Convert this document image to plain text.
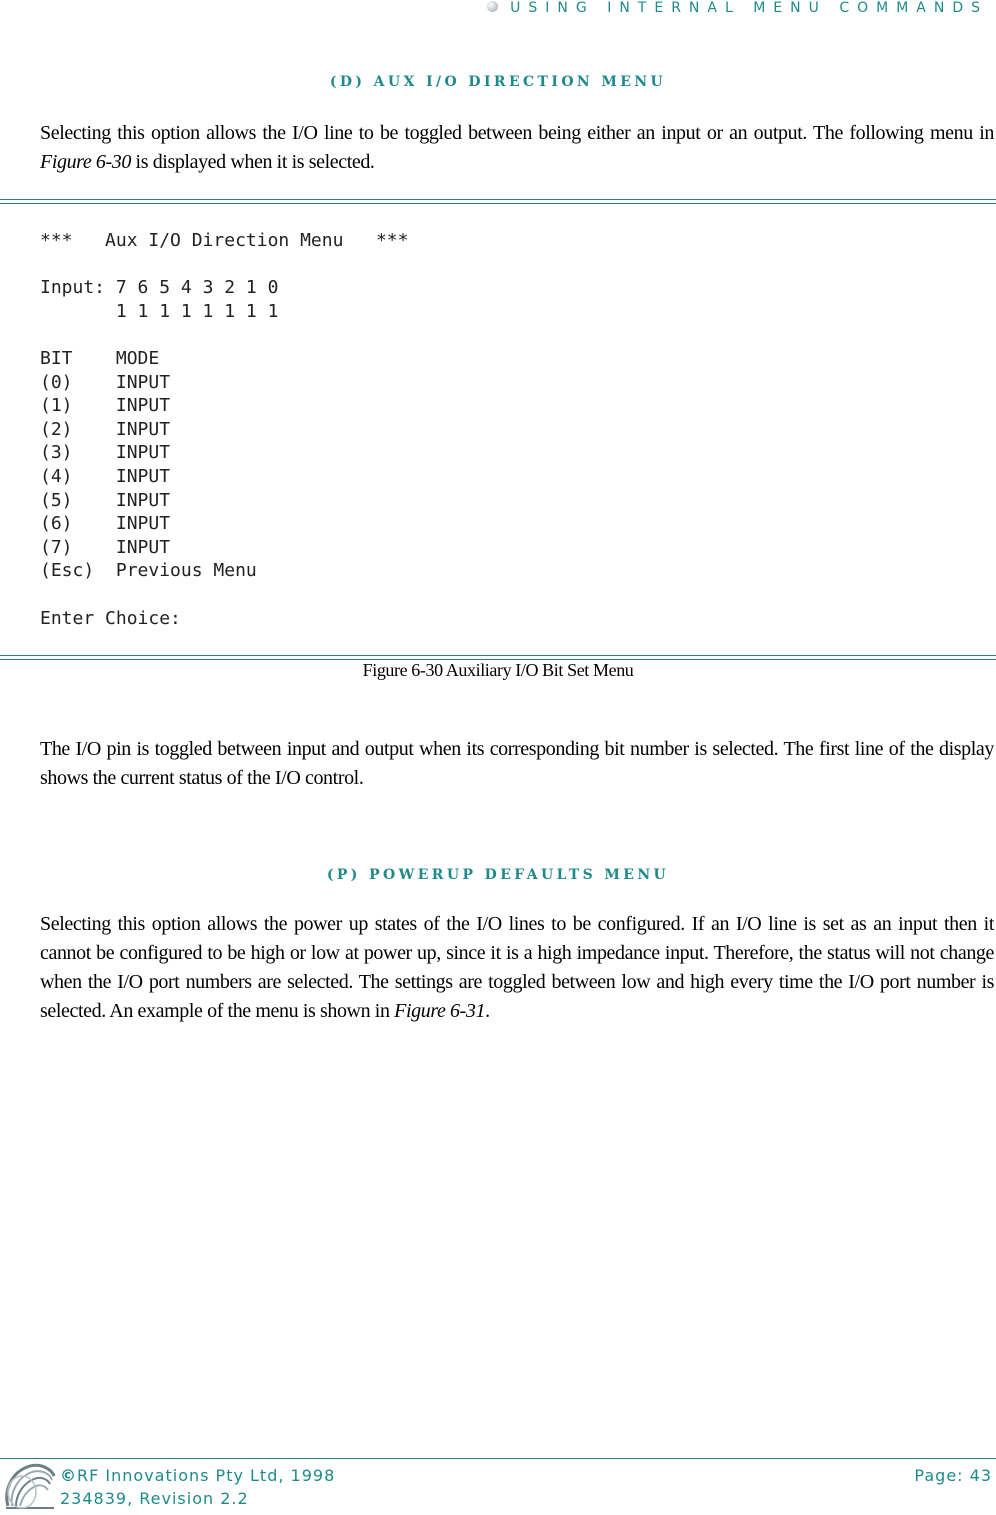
USING INTERNAL MENU COMMANDS
(D) AUX I/O DIRECTION MENU
Selecting this option allows the I/O line to be toggled between being either an input or an output. The following menu in Figure 6-30 is displayed when it is selected.
***   Aux I/O Direction Menu   ***

Input: 7 6 5 4 3 2 1 0
1 1 1 1 1 1 1 1

BIT MODE
(0) INPUT
(1) INPUT
(2) INPUT
(3) INPUT
(4) INPUT
(5) INPUT
(6) INPUT
(7) INPUT
(Esc) Previous Menu

Enter Choice:
Figure 6-30 Auxiliary I/O Bit Set Menu
The I/O pin is toggled between input and output when its corresponding bit number is selected. The first line of the display shows the current status of the I/O control.
(P) POWERUP DEFAULTS MENU
Selecting this option allows the power up states of the I/O lines to be configured. If an I/O line is set as an input then it cannot be configured to be high or low at power up, since it is a high impedance input. Therefore, the status will not change when the I/O port numbers are selected. The settings are toggled between low and high every time the I/O port number is selected. An example of the menu is shown in Figure 6-31.
©RF Innovations Pty Ltd, 1998
234839, Revision 2.2
Page: 43
